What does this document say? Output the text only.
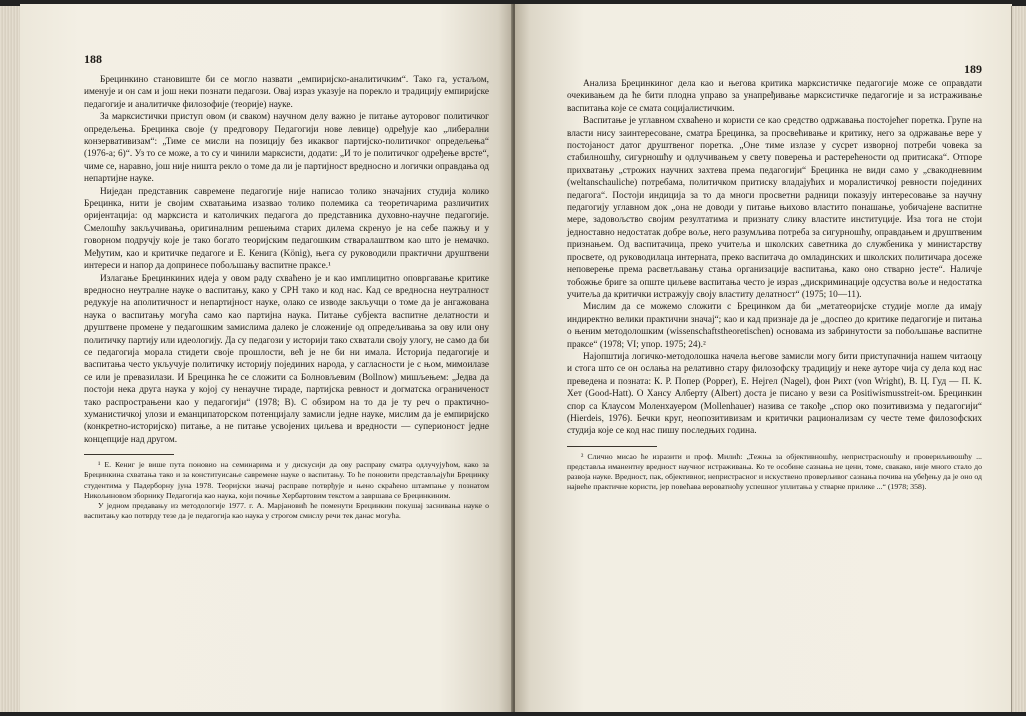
188

Брецинкино становиште би се могло назвати „емпиријско-аналитичким“. Тако га, устаљом, именује и он сам и још неки познати педагози. Овај израз указује на порекло и традицију емпиријске педагогије и аналитичке филозофије (теорије) науке.

За марксистички приступ овом (и сваком) научном делу важно је питање ауторовог политичког опредељења. Брецинка своје (у предговору Педагогији нове левице) одређује као „либерални конзервативизам“: „Тиме се мисли на позицију без икаквог партијско-политичког опредељења“ (1976-а; 6)“. Уз то се може, а то су и чинили марксисти, додати: „И то је политичког одређење врсте“, чиме се, наравно, још није ништа рекло о томе да ли је партијност вредносно и логички оправдања од непартијне науке.

Ниједан представник савремене педагогије није написао толико значајних студија колико Брецинка, нити је својим схватањима изазвао толико полемика са теоретичарима различитих оријентација: од марксиста и католичких педагога до представника духовно-научне педагогије. Смелошћу закључивања, оригиналним решењима старих дилема скренуо је на себе пажњу и у говорном подручју које је тако богато теоријским педагошким стваралаштвом као што је немачко. Међутим, као и критичке педагоге и Е. Кенига (König), њега су руководили практични друштвени интереси и напор да допринесе побољшању васпитне праксе.¹

Излагање Брецинкиних идеја у овом раду схваћено је и као имплицитно оповргавање критике вредносно неутралне науке о васпитању, како у СРН тако и код нас. Кад се вредносна неутралност редукује на аполитичност и непартијност науке, олако се изводе закључци о томе да је ангажована наука о васпитању могућа само као партијна наука. Питање субјекта васпитне делатности и друштвене промене у педагошким замислима далеко је сложеније од опредељивања за ову или ону политичку партију или идеологију. Да су педагози у историји тако схватали своју улогу, не само да би се педагогија морала стидети своје прошлости, већ је не би ни имала. Историја педагогије и васпитања често укључује политичку историју појединих народа, у сагласности је с њом, мимоилазе се или је превазилази. И Брецинка ће се сложити са Болновљевим (Bollnow) мишљењем: „Једва да постоји нека друга наука у којој су ненаучне тираде, партијска ревност и догматска ограниченост тако распрострањени као у педагогији“ (1978; В). С обзиром на то да је ту реч о практично-хуманистичкој улози и еманципаторском потенцијалу замисли једне науке, мислим да је емпиријско (конкретно-историјско) питање, а не питање усвојених циљева и вредности — суперионост једне концепције над другом.

¹ Е. Кениг је више пута поновио на семинарима и у дискусији да ову расправу сматра одлучујућом, како за Брецинкина схватања тако и за конституисање савремене науке о васпитању. То ће поновити представљајући Брецинку студентима у Падерборну јуна 1978. Теоријски значај расправе потврђује и њено скраћено штампање у познатом Никољиновом зборнику Педагогија као наука, који почиње Хербартовим текстом а завршава се Брецинкиним.

У једном предавању из методологије 1977. г. А. Марјановић ће поменути Брецинкин покушај заснивања науке о васпитању као потврду тезе да је педагогија као наука у строгом смислу речи тек данас могућа.

189

Анализа Брецинкиног дела као и његова критика марксистичке педагогије може се оправдати очекивањем да ће бити плодна управо за унапређивање марксистичке педагогије и за истраживање васпитања које се смата социјалистичким.

Васпитање је углавном схваћено и користи се као средство одржавања постојећег поретка. Групе на власти нису заинтересоване, сматра Брецинка, за просвећивање и критику, него за одржавање вере у постојаност датог друштвеног поретка. „Оне тиме излазе у сусрет изворној потреби човека за стабилношћу, сигурношћу и одлучивањем у свету поверења и растерећености од притисака“. Отпоре прихватању „строжих научних захтева према педагогији“ Брецинка не види само у „свакодневним (weltanschauliche) потребама, политичком притиску владајућих и моралистичкој ревности појединих педагога“. Постоји индиција за то да многи просветни радници показују интересовање за научну педагогију углавном док „она не доводи у питање њихово властито понашање, уобичајене васпитне мере, задовољство својим резултатима и признату слику властите институције. Иза тога не стоји једноставно недостатак добре воље, него разумљива потреба за сигурношћу, оправдањем и друштвеним признањем. Од васпитачица, преко учитеља и школских саветника до службеника у министарству просвете, од руководилаца интерната, преко васпитача до омладинских и школских политичара досеже неповерење према расветљавању стања организације васпитања, како оно стварно јесте“. Наличје тобожње бриге за опште циљеве васпитања често је израз „дискриминације одсуства воље и недостатка учитеља да критички истражују своју властиту делатност“ (1975; 10—11).

Мислим да се можемо сложити с Брецинком да би „метатеоријске студије могле да имају индиректно велики практични значај“; као и кад признаје да је „доспео до критике педагогије и питања о њеним методолошким (wissenschaftstheoretischen) основама из забринутости за побољшање васпитне праксе“ (1978; VI; упор. 1975; 24).²

Најопштија логичко-методолошка начела његове замисли могу бити приступачнија нашем читаоцу и стога што се он ослања на релативно стару филозофску традицију и неке ауторе чија су дела код нас преведена и позната: К. Р. Попер (Popper), Е. Нејгел (Nagel), фон Рихт (von Wright), В. Ц. Гуд — П. К. Хет (Good-Hatt). О Хансу Алберту (Albert) доста је писано у вези са Positiwismusstreit-ом. Брецинкин спор са Клаусом Моленхауером (Mollenhauer) назива се такође „спор око позитивизма у педагогији“ (Hierdeis, 1976). Бечки круг, неопозитивизам и критички рационализам су честе теме филозофских студија које се код нас пишу последњих година.

² Слично мисао ће изразити и проф. Милић: „Тежња за објективношћу, непристрасношћу и провериљивошћу ... представља иманентну вредност научног истраживања. Ко те особине сазнања не цени, томе, свакако, није много стало до развоја науке. Вредност, пак, објективног, непристрасног и искуствено проверљивог сазнања почива на убеђењу да је оно од највеће практичне користи, јер повећава вероватноћу успешног уплитања у стварне прилике ...“ (1978; 358).
